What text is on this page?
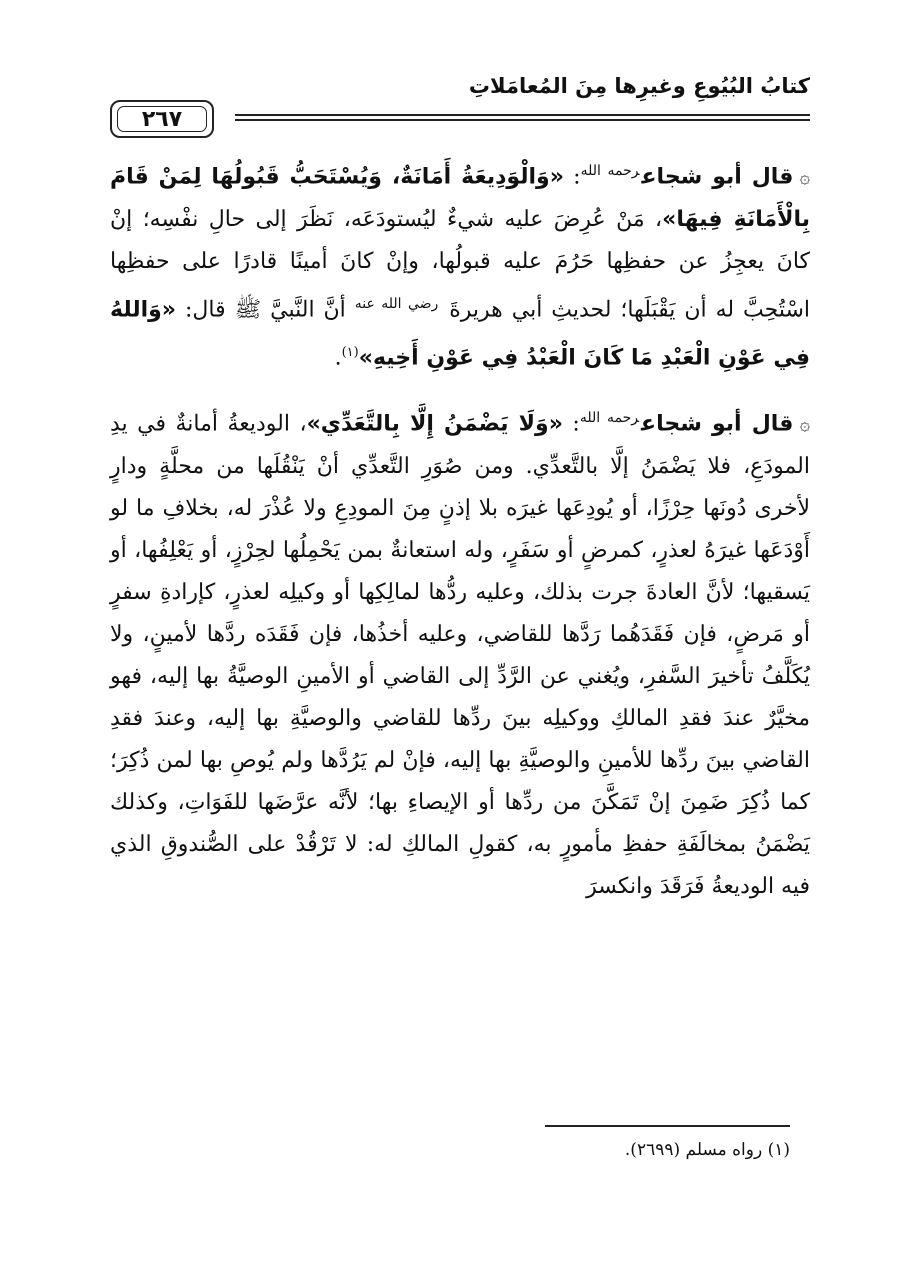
كتابُ البُيُوعِ وغيرِها مِنَ المُعامَلاتِ
٢٦٧

۞قال أبو شجاع$^{رحمه الله}$: «وَالْوَدِيعَةُ أَمَانَةٌ، وَيُسْتَحَبُّ قَبُولُهَا لِمَنْ قَامَ بِالْأَمَانَةِ فِيهَا»، مَنْ عُرِضَ عليه شيءٌ ليُستودَعَه، نَظَرَ إلى حالِ نفْسِه؛ إنْ كانَ يعجِزُ عن حفظِها حَرُمَ عليه قبولُها، وإنْ كانَ أمينًا قادرًا على حفظِها اسْتُحِبَّ له أن يَقْبَلَها؛ لحديثِ أبي هريرةَ $^{رضي الله عنه}$ أنَّ النَّبيَّ ﷺ قال: «وَاللهُ فِي عَوْنِ الْعَبْدِ مَا كَانَ الْعَبْدُ فِي عَوْنِ أَخِيهِ»$^{(١)}$.

۞قال أبو شجاع$^{رحمه الله}$: «وَلَا يَضْمَنُ إِلَّا بِالتَّعَدِّي»، الوديعةُ أمانةٌ في يدِ المودَعِ، فلا يَضْمَنُ إلَّا بالتَّعدِّي. ومن صُوَرِ التَّعدِّي أنْ يَنْقُلَها من محلَّةٍ ودارٍ لأخرى دُونَها حِرْزًا، أو يُودِعَها غيرَه بلا إذنٍ مِنَ المودِعِ ولا عُذْرَ له، بخلافِ ما لو أَوْدَعَها غيرَهُ لعذرٍ، كمرضٍ أو سَفَرٍ، وله استعانةٌ بمن يَحْمِلُها لحِرْزٍ، أو يَعْلِفُها، أو يَسقيها؛ لأنَّ العادةَ جرت بذلك، وعليه ردُّها لمالِكِها أو وكيلِه لعذرٍ، كإرادةِ سفرٍ أو مَرضٍ، فإن فَقَدَهُما رَدَّها للقاضي، وعليه أخذُها، فإن فَقَدَه ردَّها لأمينٍ، ولا يُكَلَّفُ تأخيرَ السَّفرِ، ويُغني عن الرَّدِّ إلى القاضي أو الأمينِ الوصيَّةُ بها إليه، فهو مخيَّرٌ عندَ فقدِ المالكِ ووكيلِه بينَ ردِّها للقاضي والوصيَّةِ بها إليه، وعندَ فقدِ القاضي بينَ ردِّها للأمينِ والوصيَّةِ بها إليه، فإنْ لم يَرُدَّها ولم يُوصِ بها لمن ذُكِرَ؛ كما ذُكِرَ ضَمِنَ إنْ تَمَكَّنَ من ردِّها أو الإيصاءِ بها؛ لأنَّه عرَّضَها للفَوَاتِ، وكذلك يَضْمَنُ بمخالَفَةِ حفظِ مأمورٍ به، كقولِ المالكِ له: لا تَرْقُدْ على الصُّندوقِ الذي فيه الوديعةُ فَرَقَدَ وانكسرَ

(١) رواه مسلم (٢٦٩٩).
